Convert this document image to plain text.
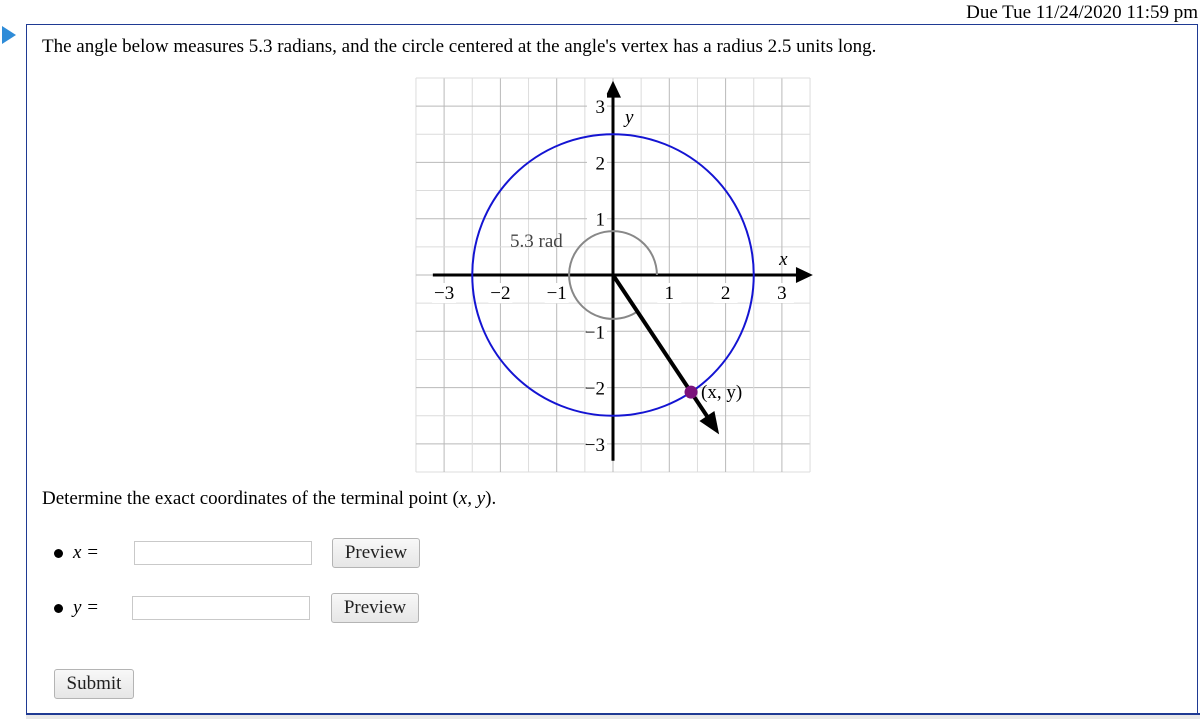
Due Tue 11/24/2020 11:59 pm
The angle below measures 5.3 radians, and the circle centered at the angle's vertex has a radius 2.5 units long.
−3 −2 −1	1 2 3
3
2
1
−1
−2
−3
5.3 rad
(x, y)
x
y
Determine the exact coordinates of the terminal point (x, y).
x =	Preview
y =	Preview
Submit
